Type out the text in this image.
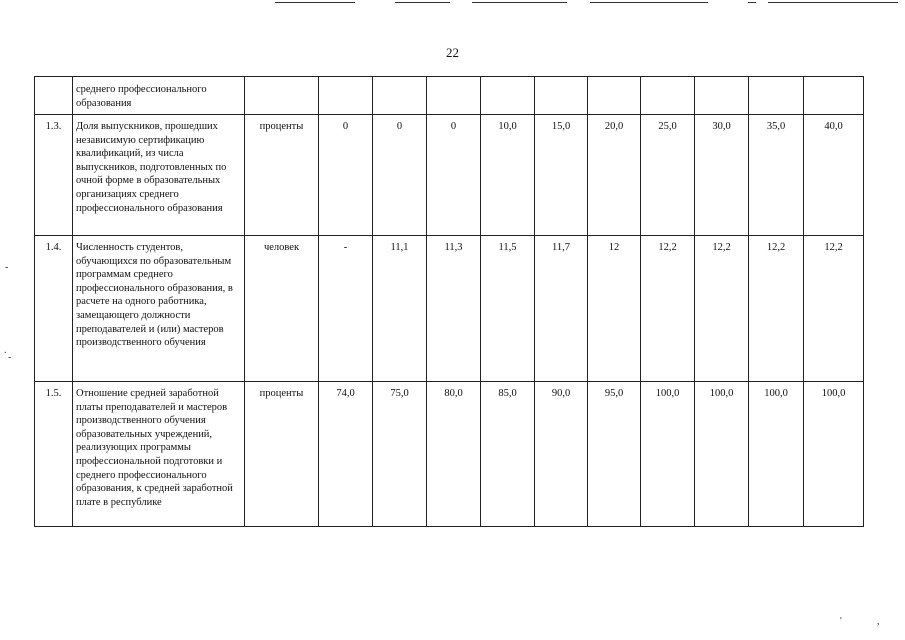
22
	среднего профессионального образования											
1.3.	Доля выпускников, прошедших независимую сертификацию квалификаций, из числа выпускников, подготовленных по очной форме в образовательных организациях среднего профессионального образования	проценты	0	0	0	10,0	15,0	20,0	25,0	30,0	35,0	40,0
1.4.	Численность студентов, обучающихся по образовательным программам среднего профессионального образования, в расчете на одного работника, замещающего должности преподавателей и (или) мастеров производственного обучения	человек	-	11,1	11,3	11,5	11,7	12	12,2	12,2	12,2	12,2
1.5.	Отношение средней заработной платы преподавателей и мастеров производственного обучения образовательных учреждений, реализующих программы профессиональной подготовки и среднего профессионального образования, к средней заработной плате в республике	проценты	74,0	75,0	80,0	85,0	90,0	95,0	100,0	100,0	100,0	100,0
-
.
-
'	,
